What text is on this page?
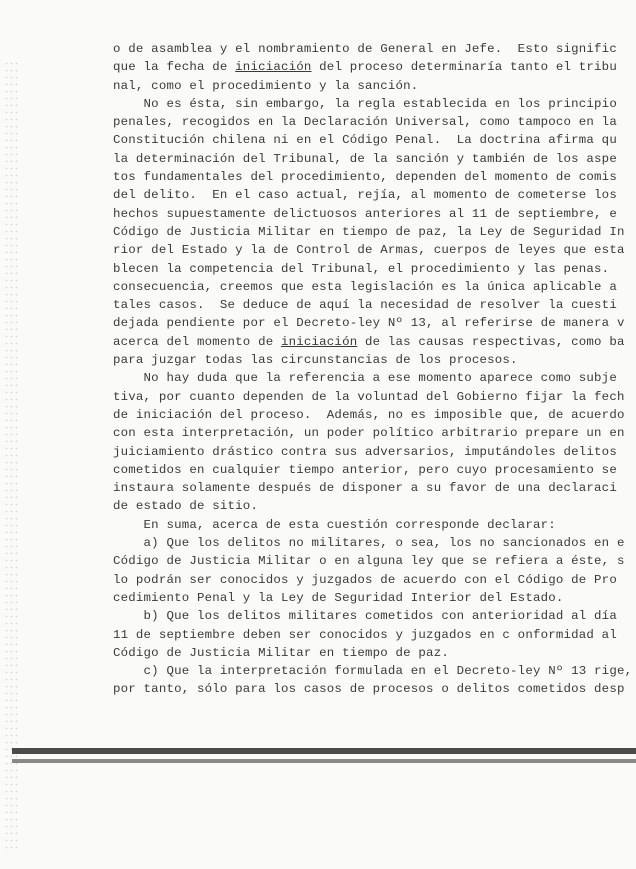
o de asamblea y el nombramiento de General en Jefe.  Esto signific
que la fecha de iniciación del proceso determinaría tanto el tribu
nal, como el procedimiento y la sanción.
No es ésta, sin embargo, la regla establecida en los principio
penales, recogidos en la Declaración Universal, como tampoco en la
Constitución chilena ni en el Código Penal.  La doctrina afirma qu
la determinación del Tribunal, de la sanción y también de los aspe
tos fundamentales del procedimiento, dependen del momento de comis
del delito.  En el caso actual, rejía, al momento de cometerse los
hechos supuestamente delictuosos anteriores al 11 de septiembre, e
Código de Justicia Militar en tiempo de paz, la Ley de Seguridad In
rior del Estado y la de Control de Armas, cuerpos de leyes que esta
blecen la competencia del Tribunal, el procedimiento y las penas.
consecuencia, creemos que esta legislación es la única aplicable a
tales casos.  Se deduce de aquí la necesidad de resolver la cuesti
dejada pendiente por el Decreto-ley Nº 13, al referirse de manera v
acerca del momento de iniciación de las causas respectivas, como ba
para juzgar todas las circunstancias de los procesos.
No hay duda que la referencia a ese momento aparece como subje
tiva, por cuanto dependen de la voluntad del Gobierno fijar la fech
de iniciación del proceso.  Además, no es imposible que, de acuerdo
con esta interpretación, un poder político arbitrario prepare un en
juiciamiento drástico contra sus adversarios, imputándoles delitos
cometidos en cualquier tiempo anterior, pero cuyo procesamiento se
instaura solamente después de disponer a su favor de una declaraci
de estado de sitio.
En suma, acerca de esta cuestión corresponde declarar:
a) Que los delitos no militares, o sea, los no sancionados en e
Código de Justicia Militar o en alguna ley que se refiera a éste, s
lo podrán ser conocidos y juzgados de acuerdo con el Código de Pro
cedimiento Penal y la Ley de Seguridad Interior del Estado.
b) Que los delitos militares cometidos con anterioridad al día
11 de septiembre deben ser conocidos y juzgados en c onformidad al
Código de Justicia Militar en tiempo de paz.
c) Que la interpretación formulada en el Decreto-ley Nº 13 rige,
por tanto, sólo para los casos de procesos o delitos cometidos desp
